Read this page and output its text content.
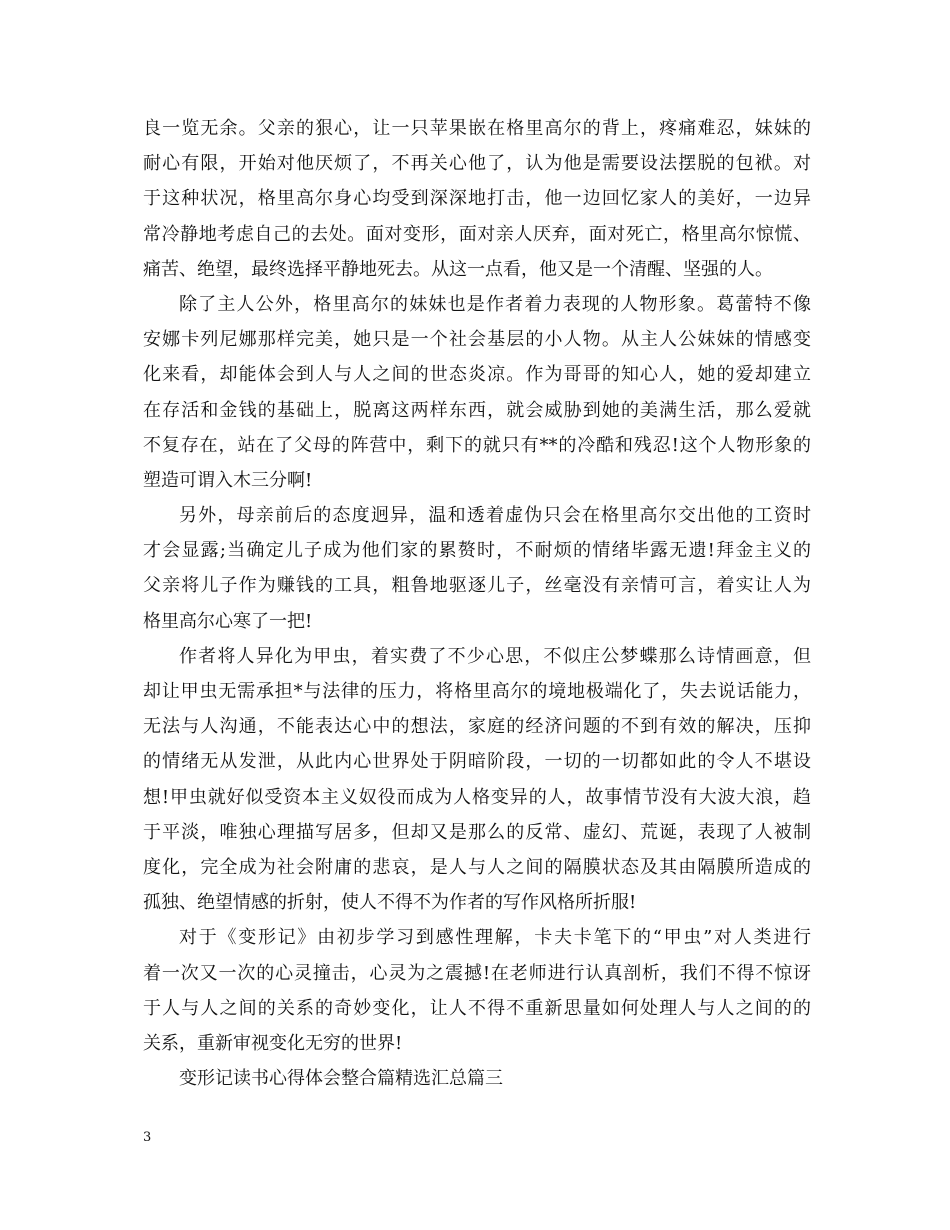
良一览无余。父亲的狠心，让一只苹果嵌在格里高尔的背上，疼痛难忍，妹妹的
耐心有限，开始对他厌烦了，不再关心他了，认为他是需要设法摆脱的包袱。对
于这种状况，格里高尔身心均受到深深地打击，他一边回忆家人的美好，一边异
常冷静地考虑自己的去处。面对变形，面对亲人厌弃，面对死亡，格里高尔惊慌、
痛苦、绝望，最终选择平静地死去。从这一点看，他又是一个清醒、坚强的人。
除了主人公外，格里高尔的妹妹也是作者着力表现的人物形象。葛蕾特不像
安娜卡列尼娜那样完美，她只是一个社会基层的小人物。从主人公妹妹的情感变
化来看，却能体会到人与人之间的世态炎凉。作为哥哥的知心人，她的爱却建立
在存活和金钱的基础上，脱离这两样东西，就会威胁到她的美满生活，那么爱就
不复存在，站在了父母的阵营中，剩下的就只有**的冷酷和残忍!这个人物形象的
塑造可谓入木三分啊!
另外，母亲前后的态度迥异，温和透着虚伪只会在格里高尔交出他的工资时
才会显露;当确定儿子成为他们家的累赘时，不耐烦的情绪毕露无遗!拜金主义的
父亲将儿子作为赚钱的工具，粗鲁地驱逐儿子，丝毫没有亲情可言，着实让人为
格里高尔心寒了一把!
作者将人异化为甲虫，着实费了不少心思，不似庄公梦蝶那么诗情画意，但
却让甲虫无需承担*与法律的压力，将格里高尔的境地极端化了，失去说话能力，
无法与人沟通，不能表达心中的想法，家庭的经济问题的不到有效的解决，压抑
的情绪无从发泄，从此内心世界处于阴暗阶段，一切的一切都如此的令人不堪设
想!甲虫就好似受资本主义奴役而成为人格变异的人，故事情节没有大波大浪，趋
于平淡，唯独心理描写居多，但却又是那么的反常、虚幻、荒诞，表现了人被制
度化，完全成为社会附庸的悲哀，是人与人之间的隔膜状态及其由隔膜所造成的
孤独、绝望情感的折射，使人不得不为作者的写作风格所折服!
对于《变形记》由初步学习到感性理解，卡夫卡笔下的“甲虫”对人类进行
着一次又一次的心灵撞击，心灵为之震撼!在老师进行认真剖析，我们不得不惊讶
于人与人之间的关系的奇妙变化，让人不得不重新思量如何处理人与人之间的的
关系，重新审视变化无穷的世界!
变形记读书心得体会整合篇精选汇总篇三
3
